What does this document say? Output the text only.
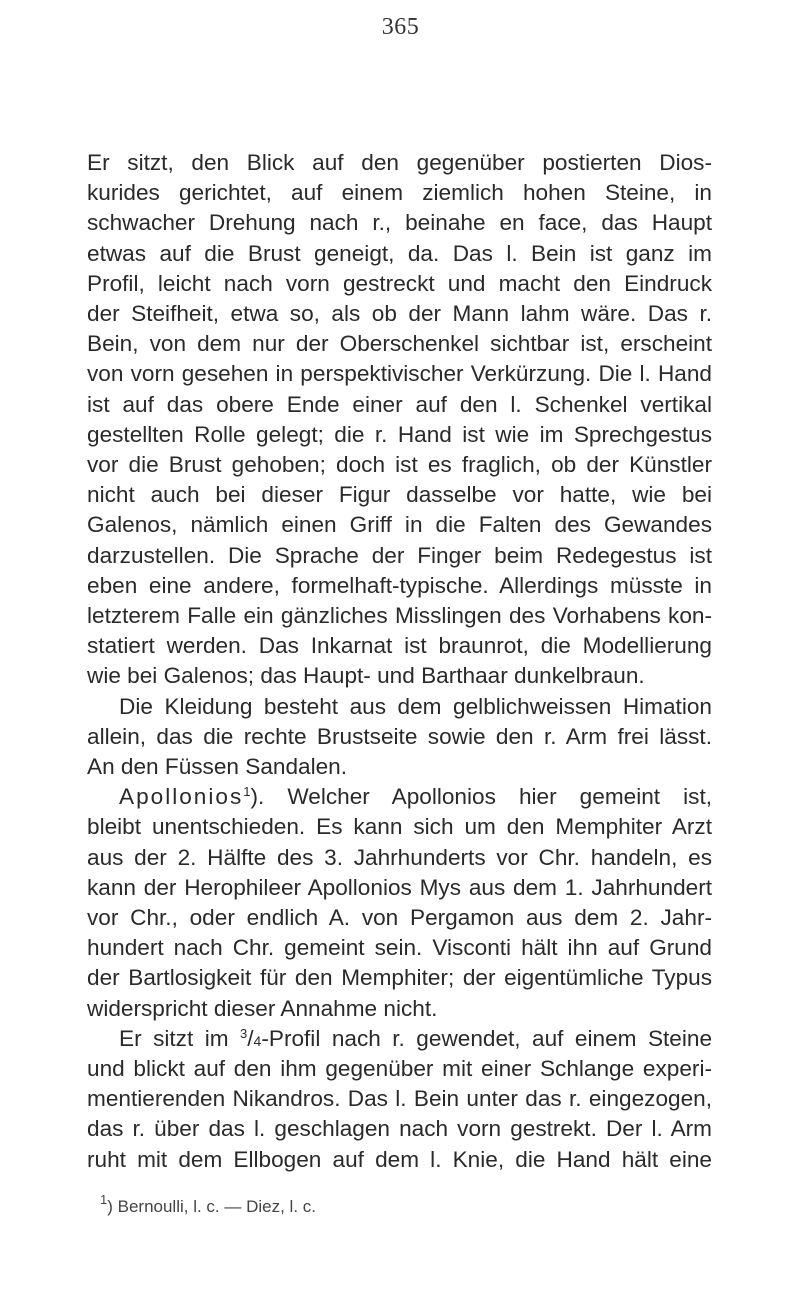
365
Er sitzt, den Blick auf den gegenüber postierten Dios-
kurides gerichtet, auf einem ziemlich hohen Steine, in
schwacher Drehung nach r., beinahe en face, das Haupt
etwas auf die Brust geneigt, da. Das l. Bein ist ganz im
Profil, leicht nach vorn gestreckt und macht den Eindruck
der Steifheit, etwa so, als ob der Mann lahm wäre. Das r.
Bein, von dem nur der Oberschenkel sichtbar ist, erscheint
von vorn gesehen in perspektivischer Verkürzung. Die l. Hand
ist auf das obere Ende einer auf den l. Schenkel vertikal
gestellten Rolle gelegt; die r. Hand ist wie im Sprechgestus
vor die Brust gehoben; doch ist es fraglich, ob der Künstler
nicht auch bei dieser Figur dasselbe vor hatte, wie bei
Galenos, nämlich einen Griff in die Falten des Gewandes
darzustellen. Die Sprache der Finger beim Redegestus ist
eben eine andere, formelhaft-typische. Allerdings müsste in
letzterem Falle ein gänzliches Misslingen des Vorhabens kon-
statiert werden. Das Inkarnat ist braunrot, die Modellierung
wie bei Galenos; das Haupt- und Barthaar dunkelbraun.
Die Kleidung besteht aus dem gelblichweissen Himation
allein, das die rechte Brustseite sowie den r. Arm frei lässt.
An den Füssen Sandalen.
Apollonios$^1$). Welcher Apollonios hier gemeint ist,
bleibt unentschieden. Es kann sich um den Memphiter Arzt
aus der 2. Hälfte des 3. Jahrhunderts vor Chr. handeln, es
kann der Herophileer Apollonios Mys aus dem 1. Jahrhundert
vor Chr., oder endlich A. von Pergamon aus dem 2. Jahr-
hundert nach Chr. gemeint sein. Visconti hält ihn auf Grund
der Bartlosigkeit für den Memphiter; der eigentümliche Typus
widerspricht dieser Annahme nicht.
Er sitzt im $^3$/4-Profil nach r. gewendet, auf einem Steine
und blickt auf den ihm gegenüber mit einer Schlange experi-
mentierenden Nikandros. Das l. Bein unter das r. eingezogen,
das r. über das l. geschlagen nach vorn gestrekt. Der l. Arm
ruht mit dem Ellbogen auf dem l. Knie, die Hand hält eine
$^1$) Bernoulli, l. c. — Diez, l. c.
